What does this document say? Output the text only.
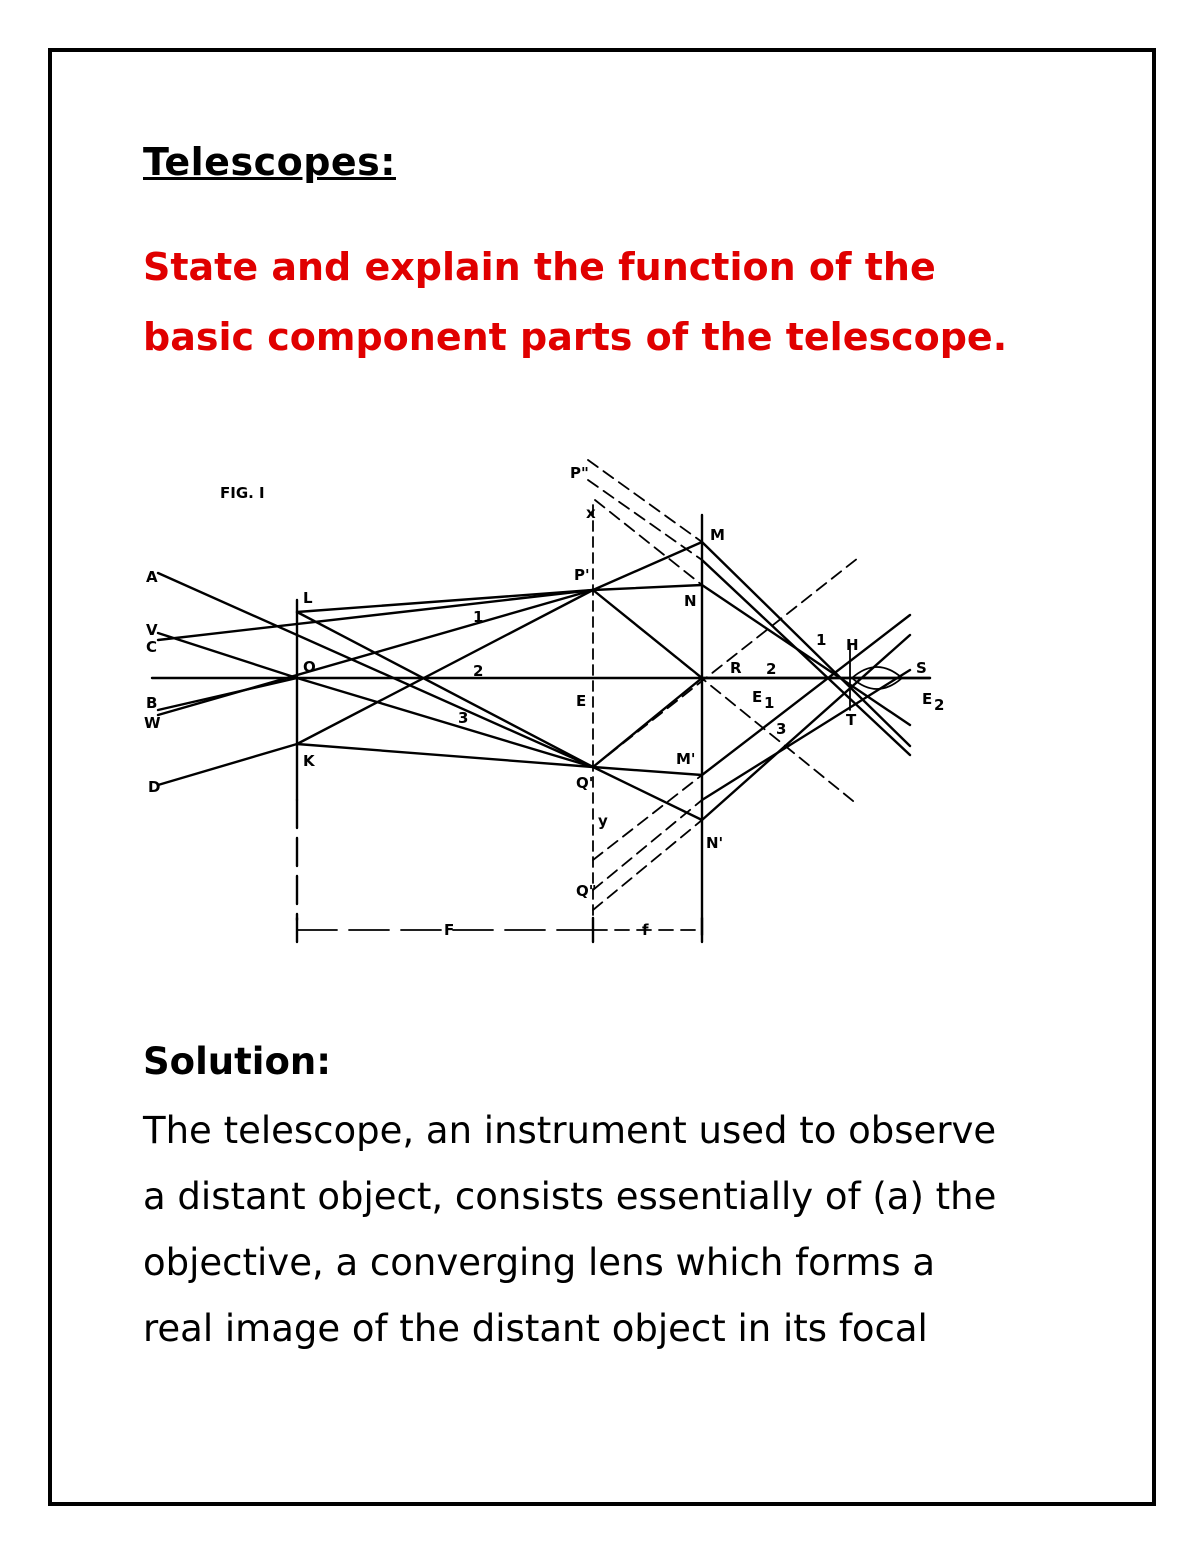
Telescopes:
State and explain the function of the
basic component parts of the telescope.
FIG. I
A
V
C
B
W
D
L
O
K
P'
P"
x
E
Q'
y
Q"
M
N
M'
N'
R
E 1
H
T
S
E 2
1
2
3
1
2
3
F	f
Solution:
The telescope, an instrument used to observe
a distant object, consists essentially of (a) the
objective, a converging lens which forms a
real image of the distant object in its focal
